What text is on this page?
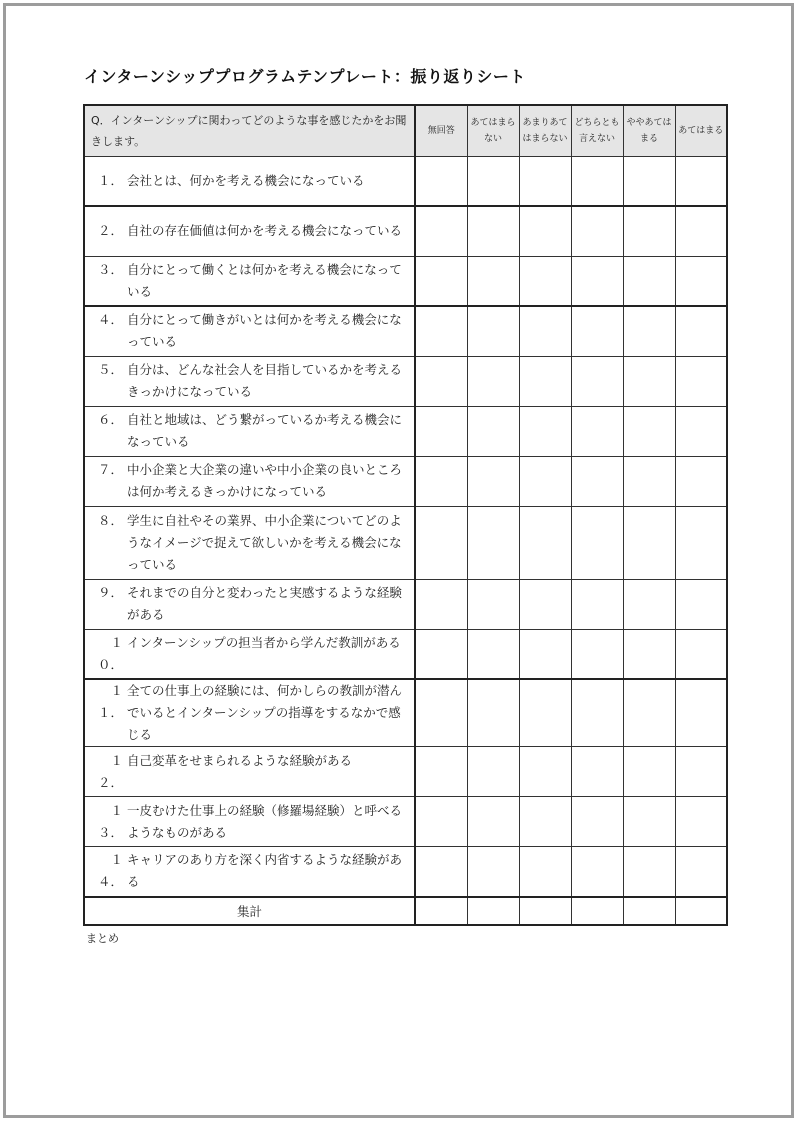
インターンシッププログラムテンプレート：振り返りシート
Q．インターンシップに関わってどのような事を感じたかをお聞きします。	無回答	あてはまらない	あまりあてはまらない	どちらとも言えない	ややあてはまる	あてはまる

１． 会社とは、何かを考える機会になっている						

２． 自社の存在価値は何かを考える機会になっている						

３． 自分にとって働くとは何かを考える機会になっている						

４． 自分にとって働きがいとは何かを考える機会になっている						

５． 自分は、どんな社会人を目指しているかを考えるきっかけになっている						

６． 自社と地域は、どう繋がっているか考える機会になっている						

７． 中小企業と大企業の違いや中小企業の良いところは何か考えるきっかけになっている						

８． 学生に自社やその業界、中小企業についてどのようなイメージで捉えて欲しいかを考える機会になっている						

９． それまでの自分と変わったと実感するような経験がある						

１０．
インターンシップの担当者から学んだ教訓がある						

１１．
全ての仕事上の経験には、何かしらの教訓が潜んでいるとインターンシップの指導をするなかで感じる						

１２．
自己変革をせまられるような経験がある						

１３．
一皮むけた仕事上の経験（修羅場経験）と呼べるようなものがある						

１４．
キャリアのあり方を深く内省するような経験がある						

集計						
まとめ
